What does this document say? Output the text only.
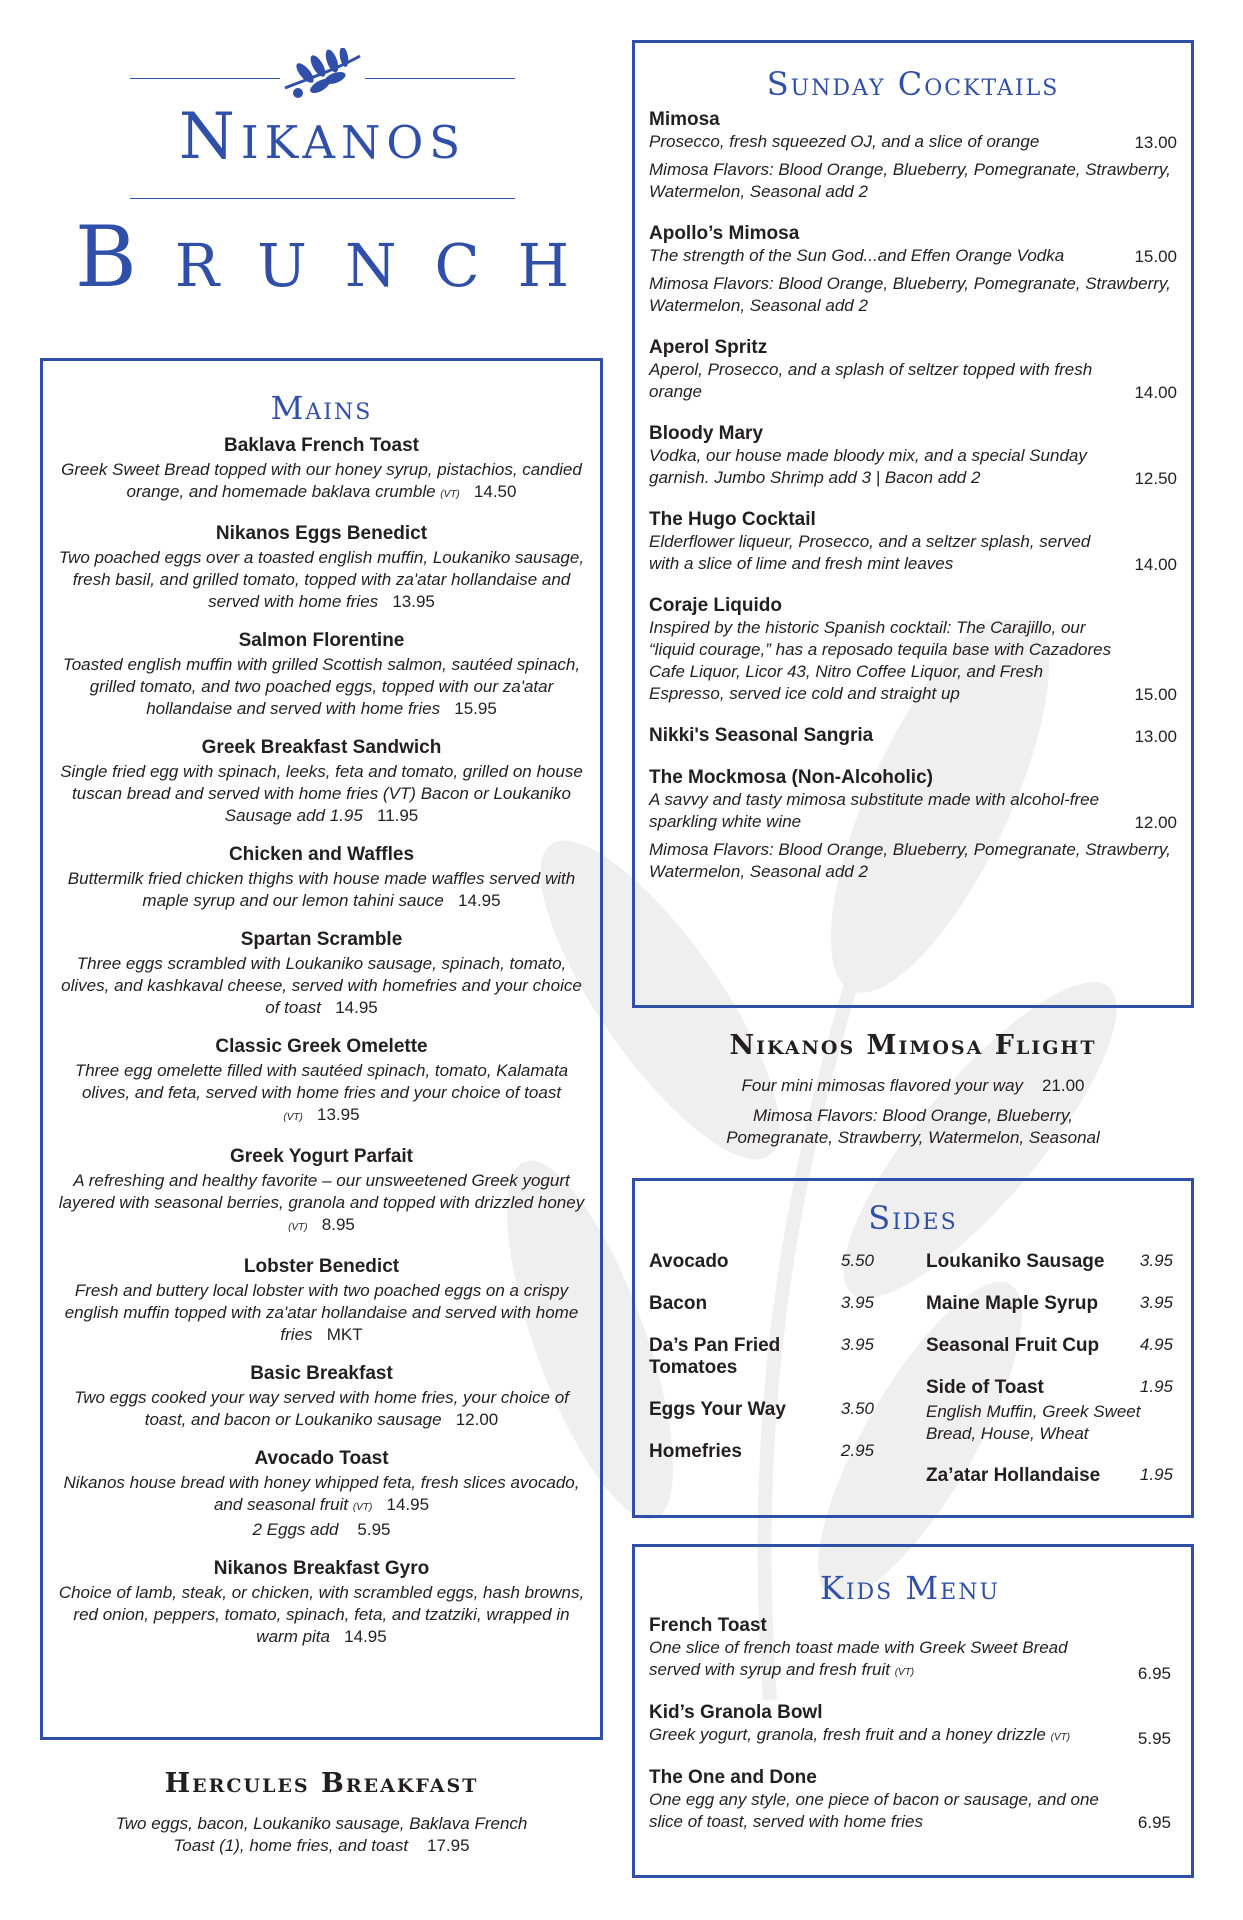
Nikanos
Brunch
Mains
Baklava French Toast
Greek Sweet Bread topped with our honey syrup, pistachios, candied orange, and homemade baklava crumble (VT) 14.50
Nikanos Eggs Benedict
Two poached eggs over a toasted english muffin, Loukaniko sausage, fresh basil, and grilled tomato, topped with za'atar hollandaise and served with home fries 13.95
Salmon Florentine
Toasted english muffin with grilled Scottish salmon, sautéed spinach, grilled tomato, and two poached eggs, topped with our za'atar hollandaise and served with home fries 15.95
Greek Breakfast Sandwich
Single fried egg with spinach, leeks, feta and tomato, grilled on house tuscan bread and served with home fries (VT) Bacon or Loukaniko Sausage add 1.95 11.95
Chicken and Waffles
Buttermilk fried chicken thighs with house made waffles served with maple syrup and our lemon tahini sauce 14.95
Spartan Scramble
Three eggs scrambled with Loukaniko sausage, spinach, tomato, olives, and kashkaval cheese, served with homefries and your choice of toast 14.95
Classic Greek Omelette
Three egg omelette filled with sautéed spinach, tomato, Kalamata olives, and feta, served with home fries and your choice of toast (VT) 13.95
Greek Yogurt Parfait
A refreshing and healthy favorite – our unsweetened Greek yogurt layered with seasonal berries, granola and topped with drizzled honey (VT) 8.95
Lobster Benedict
Fresh and buttery local lobster with two poached eggs on a crispy english muffin topped with za'atar hollandaise and served with home fries MKT
Basic Breakfast
Two eggs cooked your way served with home fries, your choice of toast, and bacon or Loukaniko sausage 12.00
Avocado Toast
Nikanos house bread with honey whipped feta, fresh slices avocado, and seasonal fruit (VT) 14.95
2 Eggs add 5.95
Nikanos Breakfast Gyro
Choice of lamb, steak, or chicken, with scrambled eggs, hash browns, red onion, peppers, tomato, spinach, feta, and tzatziki, wrapped in warm pita 14.95
Hercules Breakfast
Two eggs, bacon, Loukaniko sausage, Baklava French Toast (1), home fries, and toast 17.95
Sunday Cocktails
Mimosa
Prosecco, fresh squeezed OJ, and a slice of orange	13.00
Mimosa Flavors: Blood Orange, Blueberry, Pomegranate, Strawberry, Watermelon, Seasonal add 2
Apollo’s Mimosa
The strength of the Sun God...and Effen Orange Vodka	15.00
Mimosa Flavors: Blood Orange, Blueberry, Pomegranate, Strawberry, Watermelon, Seasonal add 2
Aperol Spritz
Aperol, Prosecco, and a splash of seltzer topped with fresh orange	14.00
Bloody Mary
Vodka, our house made bloody mix, and a special Sunday garnish. Jumbo Shrimp add 3 | Bacon add 2	12.50
The Hugo Cocktail
Elderflower liqueur, Prosecco, and a seltzer splash, served with a slice of lime and fresh mint leaves	14.00
Coraje Liquido
Inspired by the historic Spanish cocktail: The Carajillo, our “liquid courage,” has a reposado tequila base with Cazadores Cafe Liquor, Licor 43, Nitro Coffee Liquor, and Fresh Espresso, served ice cold and straight up	15.00
Nikki's Seasonal Sangria	13.00
The Mockmosa (Non-Alcoholic)
A savvy and tasty mimosa substitute made with alcohol-free sparkling white wine	12.00
Mimosa Flavors: Blood Orange, Blueberry, Pomegranate, Strawberry, Watermelon, Seasonal add 2
Nikanos Mimosa Flight
Four mini mimosas flavored your way 21.00
Mimosa Flavors: Blood Orange, Blueberry, Pomegranate, Strawberry, Watermelon, Seasonal
Sides
Avocado	5.50
Bacon	3.95
Da’s Pan Fried Tomatoes
3.95
Eggs Your Way	3.50
Homefries	2.95
Loukaniko Sausage 3.95
Maine Maple Syrup 3.95
Seasonal Fruit Cup 4.95
Side of Toast	1.95
English Muffin, Greek Sweet Bread, House, Wheat
Za’atar Hollandaise 1.95
Kids Menu
French Toast
One slice of french toast made with Greek Sweet Bread served with syrup and fresh fruit (VT)	6.95
Kid’s Granola Bowl
Greek yogurt, granola, fresh fruit and a honey drizzle (VT)	5.95
The One and Done
One egg any style, one piece of bacon or sausage, and one slice of toast, served with home fries	6.95
